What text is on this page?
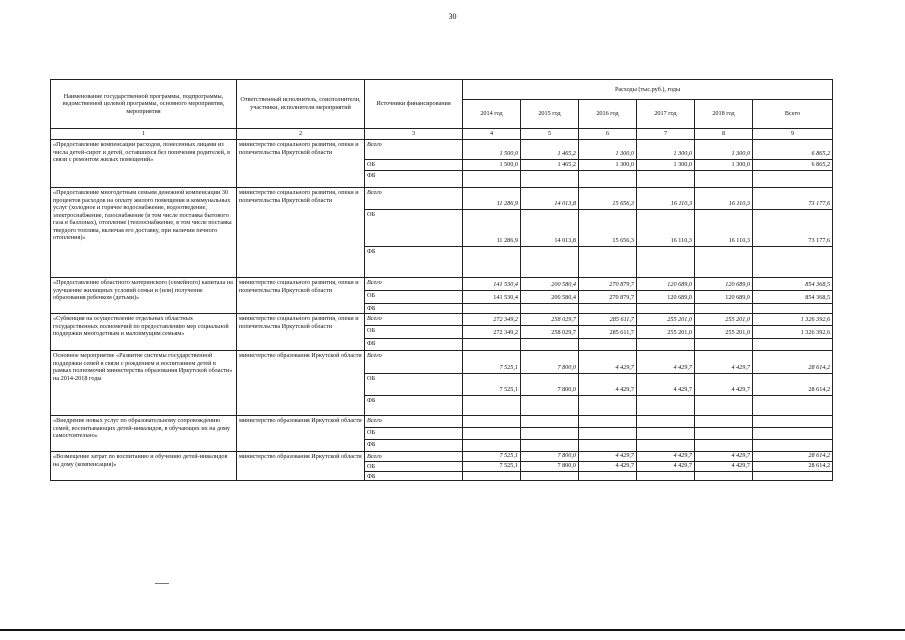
30
Наименование государственной программы, подпрограммы, ведомственной целевой программы, основного мероприятия, мероприятия	Ответственный исполнитель, соисполнители, участники, исполнители мероприятий	Источники финансирования	Расходы (тыс.руб.), годы					
			2014 год	2015 год	2016 год	2017 год	2018 год	Всего
1	2	3	4	5	6	7	8	9
«Предоставление компенсации расходов, понесенных лицами из числа детей-сирот и детей, оставшихся без попечения родителей, в связи с ремонтом жилых помещений»	министерство социального развития, опеки и попечительства Иркутской области	Всего	1 500,0	1 465,2	1 300,0	1 300,0	1 300,0	6 865,2
		ОБ	1 500,0	1 465,2	1 300,0	1 300,0	1 300,0	6 865,2
		ФБ						
«Предоставление многодетным семьям денежной компенсации 30 процентов расходов на оплату жилого помещения и коммунальных услуг (холодное и горячее водоснабжение, водоотведение, электроснабжение, газоснабжение (в том числе поставка бытового газа в баллонах), отопление (теплоснабжение, в том числе поставка твердого топлива, включая его доставку, при наличии печного отопления)»	министерство социального развития, опеки и попечительства Иркутской области	Всего	11 286,9	14 013,8	15 656,3	16 110,3	16 110,3	73 177,6
		ОБ	11 286,9	14 013,8	15 656,3	16 110,3	16 110,3	73 177,6
		ФБ						
«Предоставление областного материнского (семейного) капитала на улучшение жилищных условий семьи и (или) получение образования ребенком (детьми)»	министерство социального развития, опеки и попечительства Иркутской области	Всего	141 530,4	200 580,4	270 879,7	120 689,0	120 689,0	854 368,5
		ОБ	141 530,4	200 580,4	270 879,7	120 689,0	120 689,0	854 368,5
		ФБ						
«Субвенция на осуществление отдельных областных государственных полномочий по предоставлению мер социальной поддержки многодетным и малоимущим семьям»	министерство социального развития, опеки и попечительства Иркутской области	Всего	272 349,2	258 029,7	285 611,7	255 201,0	255 201,0	1 326 392,6
		ОБ	272 349,2	258 029,7	285 611,7	255 201,0	255 201,0	1 326 392,6
		ФБ						
Основное мероприятие «Развитие системы государственной поддержки семей в связи с рождением и воспитанием детей в рамках полномочий министерства образования Иркутской области» на 2014-2018 годы	министерство образования Иркутской области	Всего	7 525,1	7 800,0	4 429,7	4 429,7	4 429,7	28 614,2
		ОБ	7 525,1	7 800,0	4 429,7	4 429,7	4 429,7	28 614,2
		ФБ						
«Внедрение новых услуг по образовательному сопровождению семей, воспитывающих детей-инвалидов, в обучающих их на дому самостоятельно»	министерство образования Иркутской области	Всего						
		ОБ						
		ФБ						
«Возмещение затрат по воспитанию и обучению детей-инвалидов на дому (компенсация)»	министерство образования Иркутской области	Всего	7 525,1	7 800,0	4 429,7	4 429,7	4 429,7	28 614,2
		ОБ	7 525,1	7 800,0	4 429,7	4 429,7	4 429,7	28 614,2
		ФБ						
